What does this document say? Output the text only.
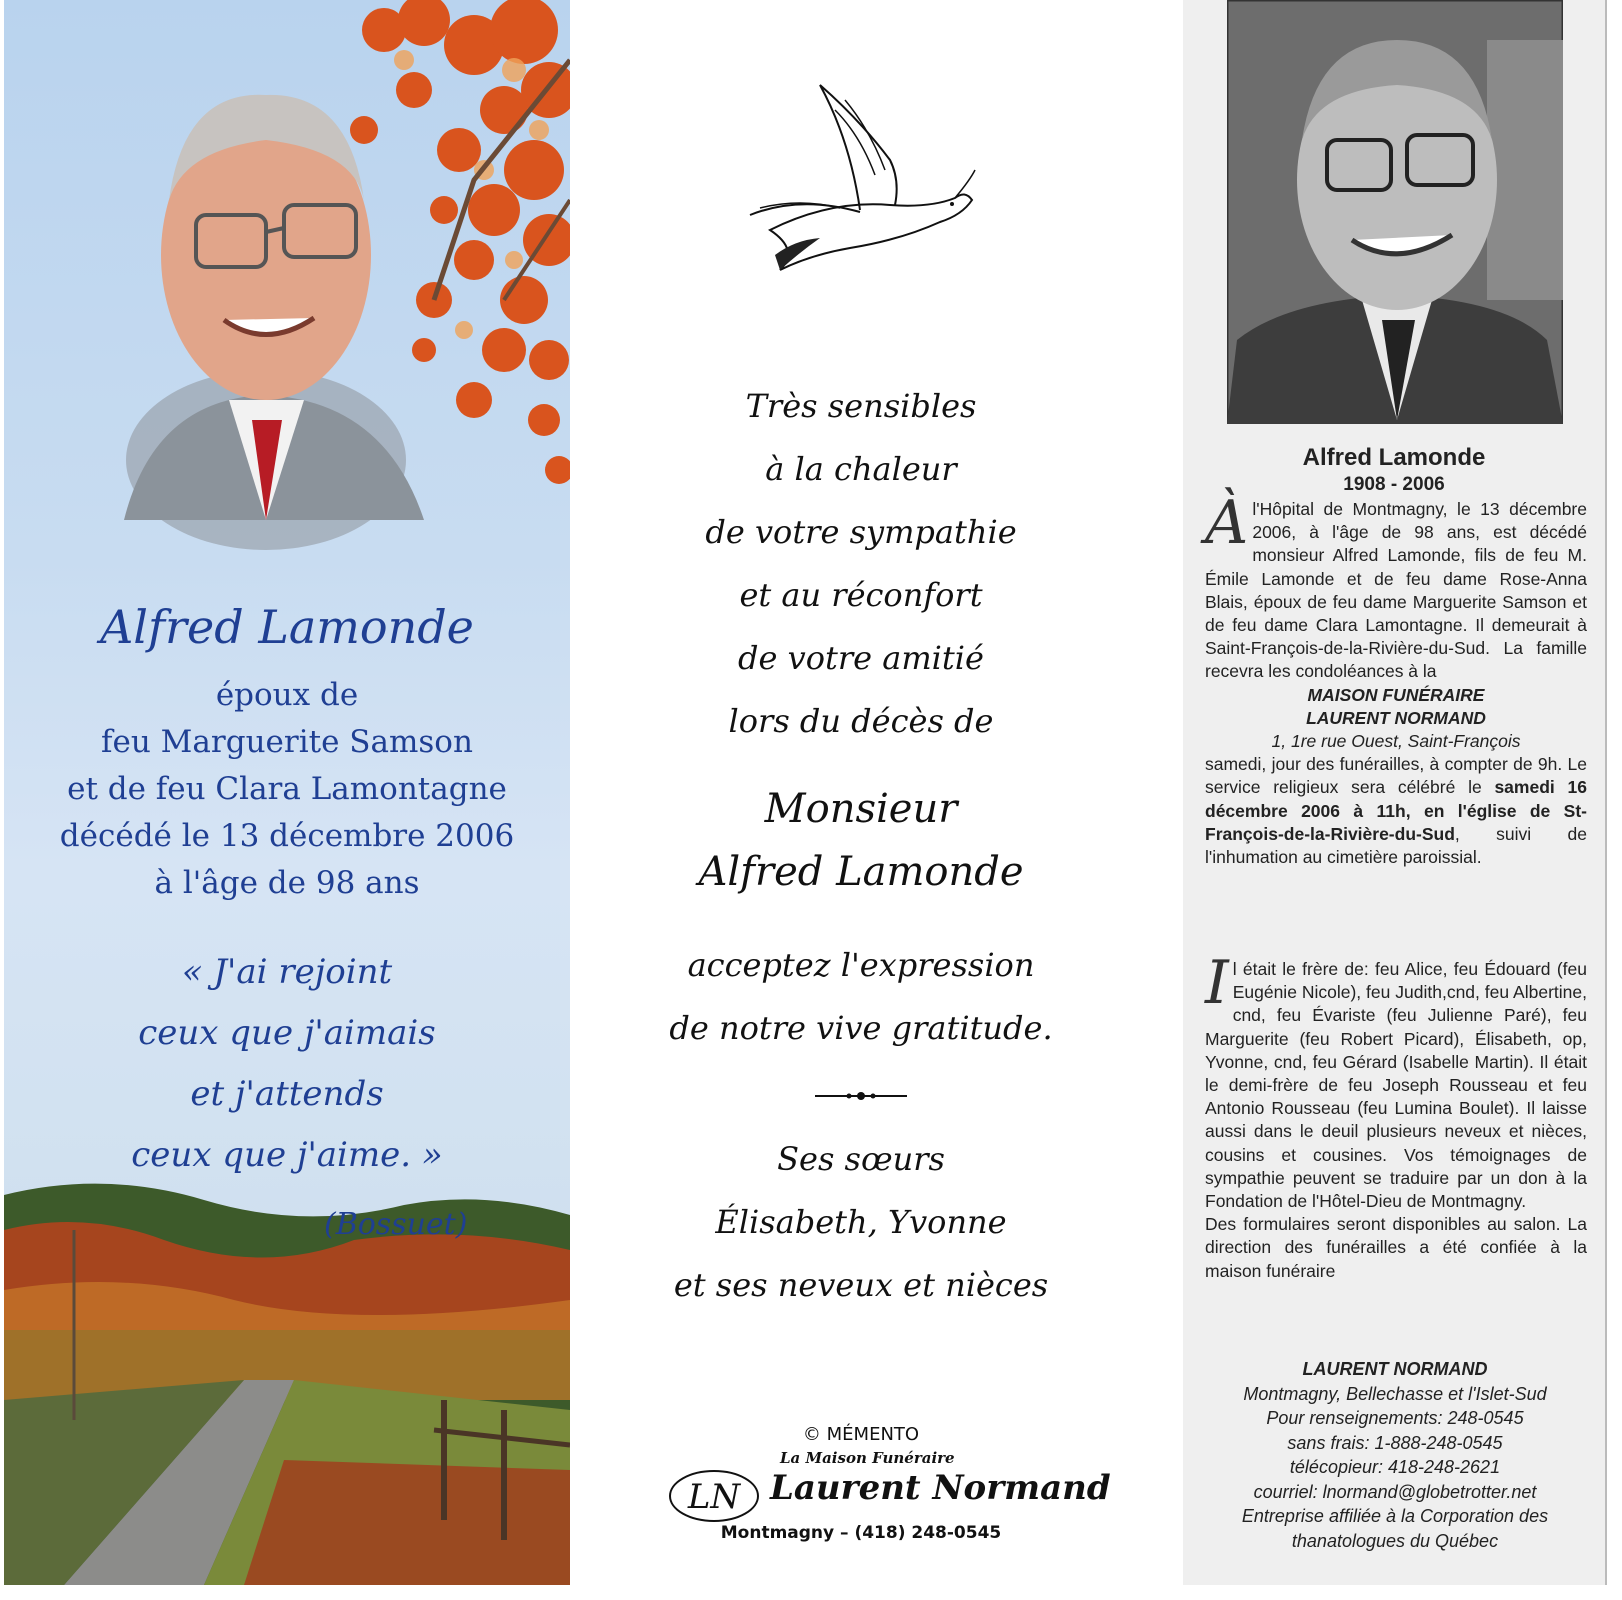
Alfred Lamonde
époux de
feu Marguerite Samson
et de feu Clara Lamontagne
décédé le 13 décembre 2006
à l'âge de 98 ans
« J'ai rejoint
ceux que j'aimais
et j'attends
ceux que j'aime. »
(Bossuet)
Très sensibles
à la chaleur
de votre sympathie
et au réconfort
de votre amitié
lors du décès de
Monsieur
Alfred Lamonde
acceptez l'expression
de notre vive gratitude.
Ses sœurs
Élisabeth, Yvonne
et ses neveux et nièces
© MÉMENTO
LN
La Maison Funéraire
Laurent Normand
Montmagny – (418) 248-0545
Alfred Lamonde
1908 - 2006
Àl'Hôpital de Montmagny, le 13 décembre 2006, à l'âge de 98 ans, est décédé monsieur Alfred Lamonde, fils de feu M. Émile Lamonde et de feu dame Rose-Anna Blais, époux de feu dame Marguerite Samson et de feu dame Clara Lamontagne. Il demeurait à Saint-François-de-la-Rivière-du-Sud. La famille recevra les condoléances à la
MAISON FUNÉRAIRE
LAURENT NORMAND
1, 1re rue Ouest, Saint-François
samedi, jour des funérailles, à compter de 9h. Le service religieux sera célébré le samedi 16 décembre 2006 à 11h, en l'église de St-François-de-la-Rivière-du-Sud, suivi de l'inhumation au cimetière paroissial.
Il était le frère de: feu Alice, feu Édouard (feu Eugénie Nicole), feu Judith,cnd, feu Albertine, cnd, feu Évariste (feu Julienne Paré), feu Marguerite (feu Robert Picard), Élisabeth, op, Yvonne, cnd, feu Gérard (Isabelle Martin). Il était le demi-frère de feu Joseph Rousseau et feu Antonio Rousseau (feu Lumina Boulet). Il laisse aussi dans le deuil plusieurs neveux et nièces, cousins et cousines. Vos témoignages de sympathie peuvent se traduire par un don à la Fondation de l'Hôtel-Dieu de Montmagny.
Des formulaires seront disponibles au salon. La direction des funérailles a été confiée à la maison funéraire
LAURENT NORMAND
Montmagny, Bellechasse et l'Islet-Sud
Pour renseignements: 248-0545
sans frais: 1-888-248-0545
télécopieur: 418-248-2621
courriel: lnormand@globetrotter.net
Entreprise affiliée à la Corporation des
thanatologues du Québec
